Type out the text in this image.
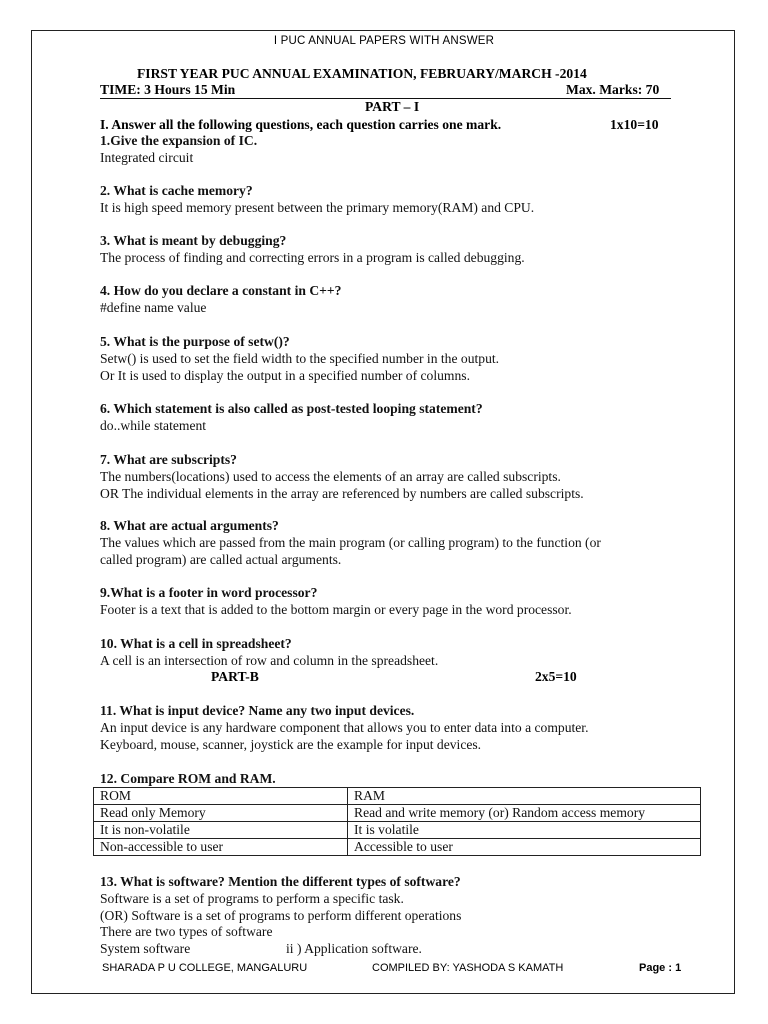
I PUC ANNUAL PAPERS WITH ANSWER
FIRST YEAR PUC ANNUAL EXAMINATION, FEBRUARY/MARCH -2014
TIME: 3 Hours 15 Min	Max. Marks: 70
PART – I
I. Answer all the following questions, each question carries one mark.	1x10=10
1.Give the expansion of IC.
Integrated circuit
2. What is cache memory?
It is high speed memory present between the primary memory(RAM) and CPU.
3. What is meant by debugging?
The process of finding and correcting errors in a program is called debugging.
4. How do you declare a constant in C++?
#define name value
5. What is the purpose of setw()?
Setw() is used to set the field width to the specified number in the output.
Or It is used to display the output in a specified number of columns.
6. Which statement is also called as post-tested looping statement?
do..while statement
7. What are subscripts?
The numbers(locations) used to access the elements of an array are called subscripts.
OR The individual elements in the array are referenced by numbers are called subscripts.
8. What are actual arguments?
The values which are passed from the main program (or calling program) to the function (or
called program) are called actual arguments.
9.What is a footer in word processor?
Footer is a text that is added to the bottom margin or every page in the word processor.
10. What is a cell in spreadsheet?
A cell is an intersection of row and column in the spreadsheet.
PART-B	2x5=10
11. What is input device? Name any two input devices.
An input device is any hardware component that allows you to enter data into a computer.
Keyboard, mouse, scanner, joystick are the example for input devices.
12. Compare ROM and RAM.
ROM	RAM
Read only Memory	Read and write memory (or) Random access memory
It is non-volatile	It is volatile
Non-accessible to user	Accessible to user
13. What is software? Mention the different types of software?
Software is a set of programs to perform a specific task.
(OR) Software is a set of programs to perform different operations
There are two types of software
System software	ii ) Application software.
SHARADA P U COLLEGE, MANGALURU	COMPILED BY: YASHODA S KAMATH	Page : 1
